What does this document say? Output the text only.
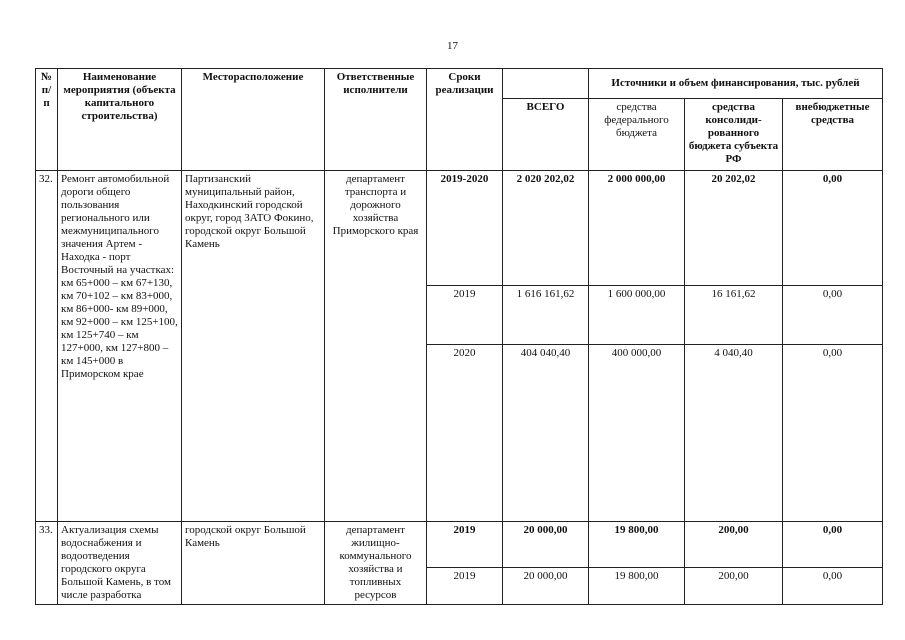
17
№ п/п	Наименование мероприятия (объекта капитального строительства)	Месторасположение	Ответственные исполнители	Сроки реализации		Источники и объем финансирования, тыс. рублей		
					ВСЕГО	средства федерального бюджета	средства консолиди-рованного бюджета субъекта РФ	внебюджетные средства
32.	Ремонт автомобильной дороги общего пользования регионального или межмуниципального значения Артем - Находка - порт Восточный на участках: км 65+000 – км 67+130, км 70+102 – км 83+000, км 86+000- км 89+000, км 92+000 – км 125+100, км 125+740 – км 127+000, км 127+800 – км 145+000 в Приморском крае	Партизанский муниципальный район, Находкинский городской округ, город ЗАТО Фокино, городской округ Большой Камень	департамент транспорта и дорожного хозяйства Приморского края	2019-2020	2 020 202,02	2 000 000,00	20 202,02	0,00
				2019	1 616 161,62	1 600 000,00	16 161,62	0,00
				2020	404 040,40	400 000,00	4 040,40	0,00
33.	Актуализация схемы водоснабжения и водоотведения городского округа Большой Камень, в том числе разработка	городской округ Большой Камень	департамент жилищно-коммунального хозяйства и топливных ресурсов	2019	20 000,00	19 800,00	200,00	0,00
				2019	20 000,00	19 800,00	200,00	0,00
